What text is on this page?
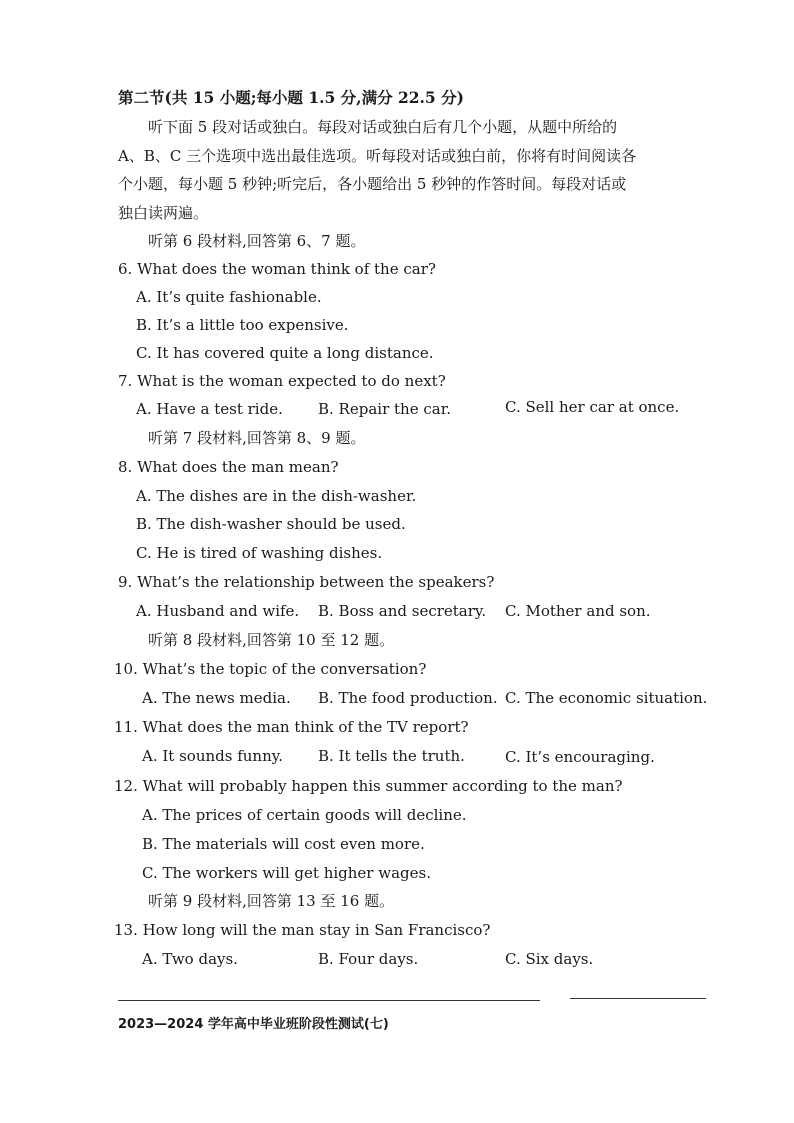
第二节(共 15 小题;每小题 1.5 分,满分 22.5 分)
听下面 5 段对话或独白。每段对话或独白后有几个小题，从题中所给的
A、B、C 三个选项中选出最佳选项。听每段对话或独白前，你将有时间阅读各
个小题，每小题 5 秒钟;听完后，各小题给出 5 秒钟的作答时间。每段对话或
独白读两遍。
听第 6 段材料,回答第 6、7 题。
6. What does the woman think of the car?
A. It’s quite fashionable.
B. It’s a little too expensive.
C. It has covered quite a long distance.
7. What is the woman expected to do next?
A. Have a test ride. B. Repair the car.	C. Sell her car at once.
听第 7 段材料,回答第 8、9 题。
8. What does the man mean?
A. The dishes are in the dish-washer.
B. The dish-washer should be used.
C. He is tired of washing dishes.
9. What’s the relationship between the speakers?
A. Husband and wife. B. Boss and secretary. C. Mother and son.
听第 8 段材料,回答第 10 至 12 题。
10. What’s the topic of the conversation?
A. The news media. B. The food production. C. The economic situation.
11. What does the man think of the TV report?
A. It sounds funny. B. It tells the truth.	C. It’s encouraging.
12. What will probably happen this summer according to the man?
A. The prices of certain goods will decline.
B. The materials will cost even more.
C. The workers will get higher wages.
听第 9 段材料,回答第 13 至 16 题。
13. How long will the man stay in San Francisco?
A. Two days.	B. Four days.	C. Six days.
2023—2024 学年高中毕业班阶段性测试(七)
